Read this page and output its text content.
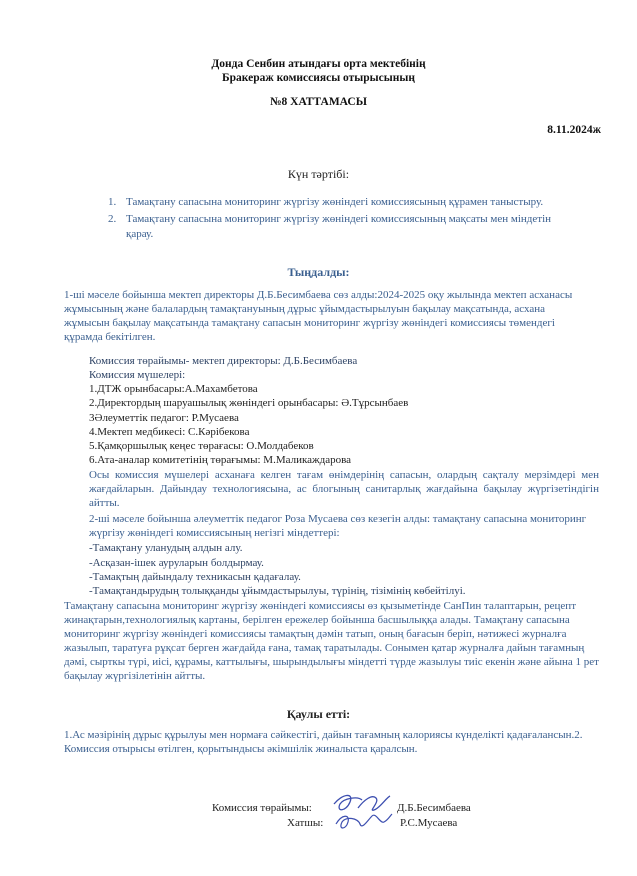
Донда Сенбин атындағы орта мектебінің
Бракераж комиссиясы отырысының
№8 ХАТТАМАСЫ
8.11.2024ж
Күн тәртібі:
1. Тамақтану сапасына мониторинг жүргізу жөніндегі комиссиясының құрамен таныстыру.
2. Тамақтану сапасына мониторинг жүргізу жөніндегі комиссиясының мақсаты мен міндетін қарау.
Тыңдалды:
1-ші мәселе бойынша мектеп директоры Д.Б.Бесимбаева сөз алды:2024-2025 оқу жылында мектеп асханасы жұмысының және балалардың тамақтануының дұрыс ұйымдастырылуын бақылау мақсатында, асхана жұмысын бақылау мақсатында тамақтану сапасын мониторинг жүргізу жөніндегі комиссиясы төмендегі құрамда бекітілген.
Комиссия төрайымы- мектеп директоры: Д.Б.Бесимбаева
Комиссия мүшелері:
1.ДТЖ орынбасары:А.Махамбетова
2.Директордың шаруашылық жөніндегі орынбасары: Ә.Тұрсынбаев
3Әлеуметтік педагог: Р.Мусаева
4.Мектеп медбикесі: С.Кәрібекова
5.Қамқоршылық кеңес төрағасы: О.Молдабеков
6.Ата-аналар комитетінің төрағымы: М.Маликаждарова
Осы комиссия мүшелері асханаға келген тағам өнімдерінің сапасын, олардың сақталу мерзімдері мен жағдайларын. Дайындау технологиясына, ас блогының санитарлық жағдайына бақылау жүргізетіндігін айтты.
2-ші мәселе бойынша әлеуметтік педагог Роза Мусаева сөз кезегін алды: тамақтану сапасына мониторинг жүргізу жөніндегі комиссиясының негізгі міндеттері:
-Тамақтану уланудың алдын алу.
-Асқазан-ішек ауруларын болдырмау.
-Тамақтың дайындалу техникасын қадағалау.
-Тамақтандырудың толыққанды ұйымдастырылуы, түрінің, тізімінің көбейтілуі.
Тамақтану сапасына мониторинг жүргізу жөніндегі комиссиясы өз қызыметінде СанПин талаптарын, рецепт жинақтарын,технологиялық картаны, берілген ережелер бойынша басшылыққа алады. Тамақтану сапасына мониторинг жүргізу жөніндегі комиссиясы тамақтың дәмін татып, оның бағасын беріп, нәтижесі журналға жазылып, таратуға рұқсат берген жағдайда ғана, тамақ таратылады. Сонымен қатар журналға дайын тағамның дәмі, сырткы түрі, иісі, құрамы, каттылығы, шырындылығы міндетті түрде жазылуы тиіс екенін және айына 1 рет бақылау жүргізілетінін айтты.
Қаулы етті:
1.Ас мәзірінің дұрыс құрылуы мен нормаға сәйкестігі, дайын тағамның калориясы күнделікті қадағалансын.2. Комиссия отырысы өтілген, қорытындысы әкімшілік жиналыста қаралсын.
Комиссия төрайымы:	Д.Б.Бесимбаева
Хатшы:	Р.С.Мусаева
